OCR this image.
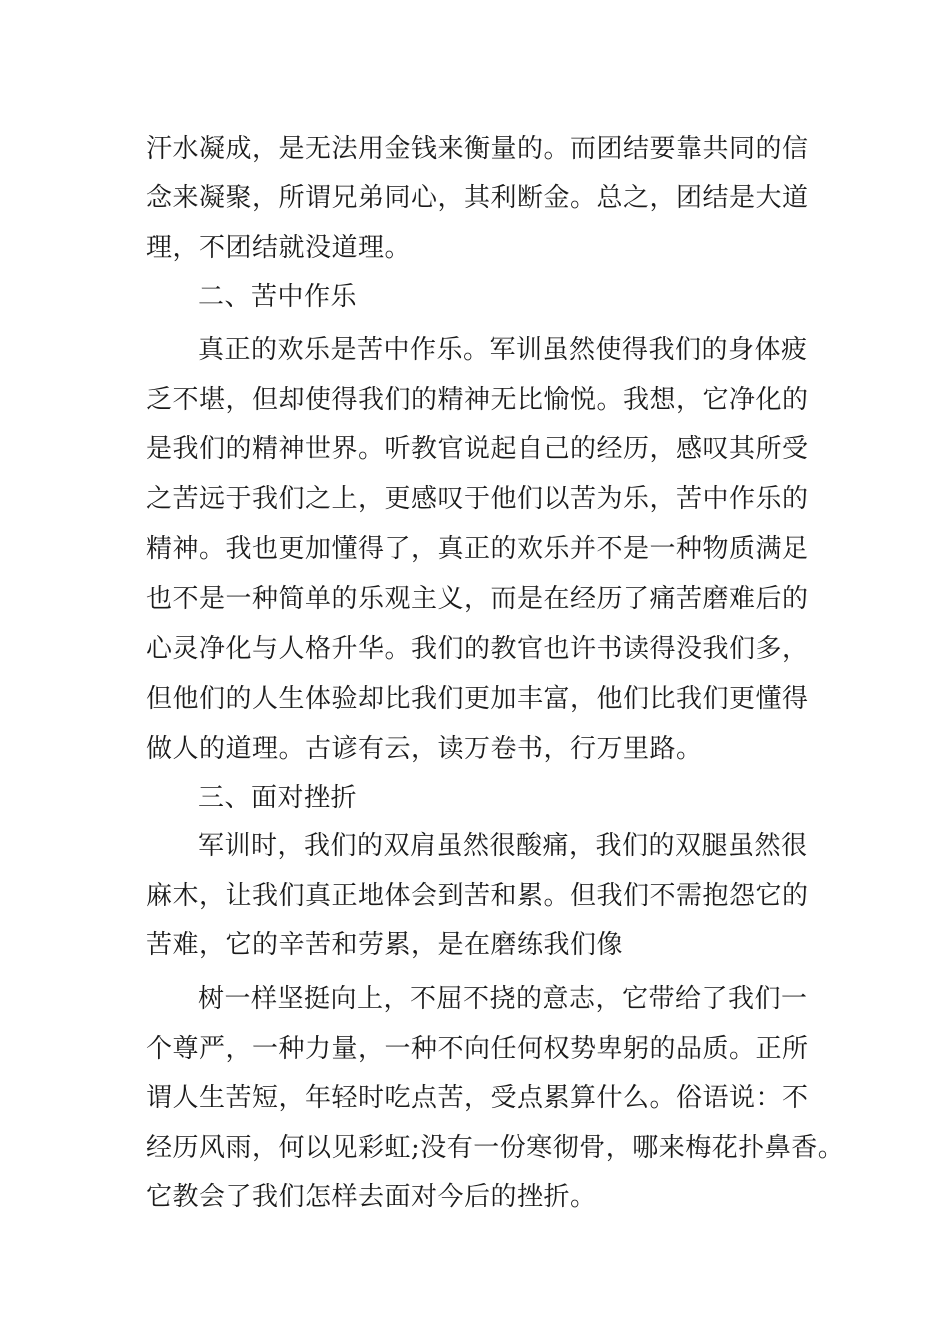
汗水凝成，是无法用金钱来衡量的。而团结要靠共同的信
念来凝聚，所谓兄弟同心，其利断金。总之，团结是大道
理，不团结就没道理。
二、苦中作乐
真正的欢乐是苦中作乐。军训虽然使得我们的身体疲
乏不堪，但却使得我们的精神无比愉悦。我想，它净化的
是我们的精神世界。听教官说起自己的经历，感叹其所受
之苦远于我们之上，更感叹于他们以苦为乐，苦中作乐的
精神。我也更加懂得了，真正的欢乐并不是一种物质满足
也不是一种简单的乐观主义，而是在经历了痛苦磨难后的
心灵净化与人格升华。我们的教官也许书读得没我们多，
但他们的人生体验却比我们更加丰富，他们比我们更懂得
做人的道理。古谚有云，读万卷书，行万里路。
三、面对挫折
军训时，我们的双肩虽然很酸痛，我们的双腿虽然很
麻木，让我们真正地体会到苦和累。但我们不需抱怨它的
苦难，它的辛苦和劳累，是在磨练我们像
树一样坚挺向上，不屈不挠的意志，它带给了我们一
个尊严，一种力量，一种不向任何权势卑躬的品质。正所
谓人生苦短，年轻时吃点苦，受点累算什么。俗语说：不
经历风雨，何以见彩虹;没有一份寒彻骨，哪来梅花扑鼻香。
它教会了我们怎样去面对今后的挫折。
